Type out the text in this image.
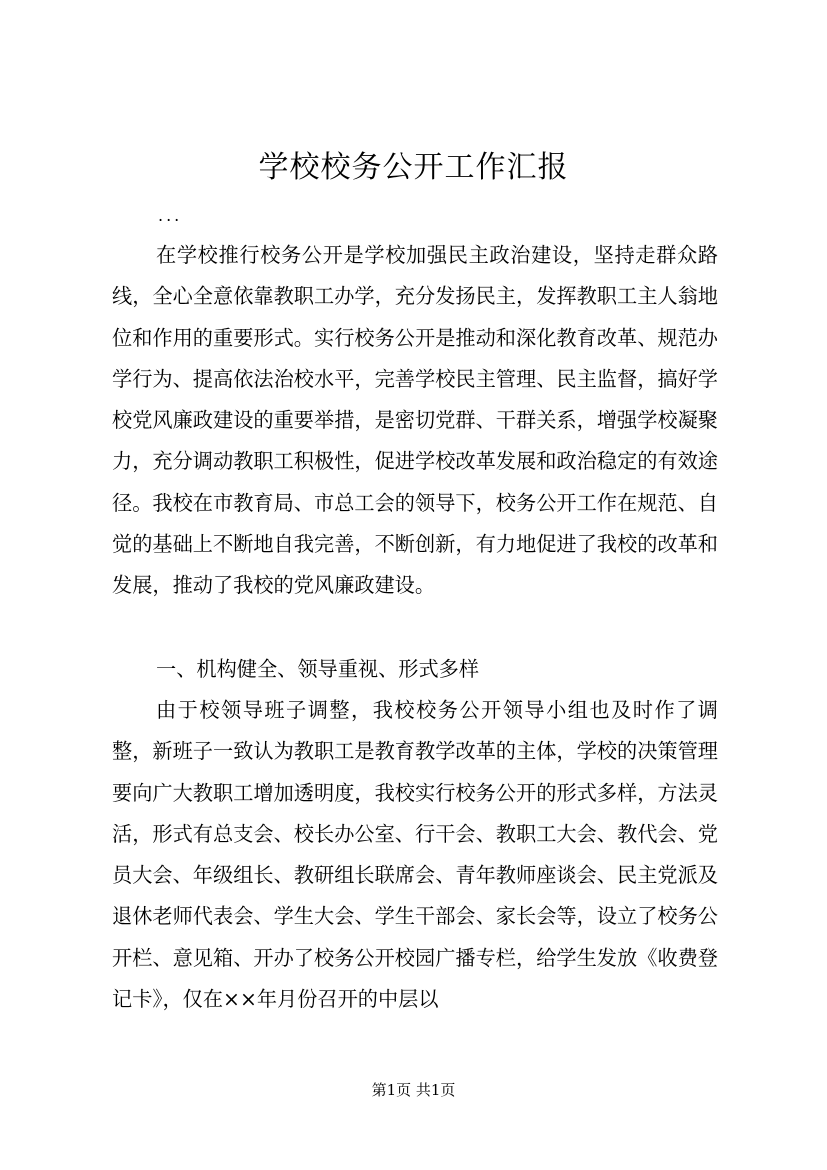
学校校务公开工作汇报
...

在学校推行校务公开是学校加强民主政治建设，坚持走群众路线，全心全意依靠教职工办学，充分发扬民主，发挥教职工主人翁地位和作用的重要形式。实行校务公开是推动和深化教育改革、规范办学行为、提高依法治校水平，完善学校民主管理、民主监督，搞好学校党风廉政建设的重要举措，是密切党群、干群关系，增强学校凝聚力，充分调动教职工积极性，促进学校改革发展和政治稳定的有效途径。我校在市教育局、市总工会的领导下，校务公开工作在规范、自觉的基础上不断地自我完善，不断创新，有力地促进了我校的改革和发展，推动了我校的党风廉政建设。

一、机构健全、领导重视、形式多样

由于校领导班子调整，我校校务公开领导小组也及时作了调整，新班子一致认为教职工是教育教学改革的主体，学校的决策管理要向广大教职工增加透明度，我校实行校务公开的形式多样，方法灵活，形式有总支会、校长办公室、行干会、教职工大会、教代会、党员大会、年级组长、教研组长联席会、青年教师座谈会、民主党派及退休老师代表会、学生大会、学生干部会、家长会等，设立了校务公开栏、意见箱、开办了校务公开校园广播专栏，给学生发放《收费登记卡》，仅在××年月份召开的中层以

第1页 共1页
